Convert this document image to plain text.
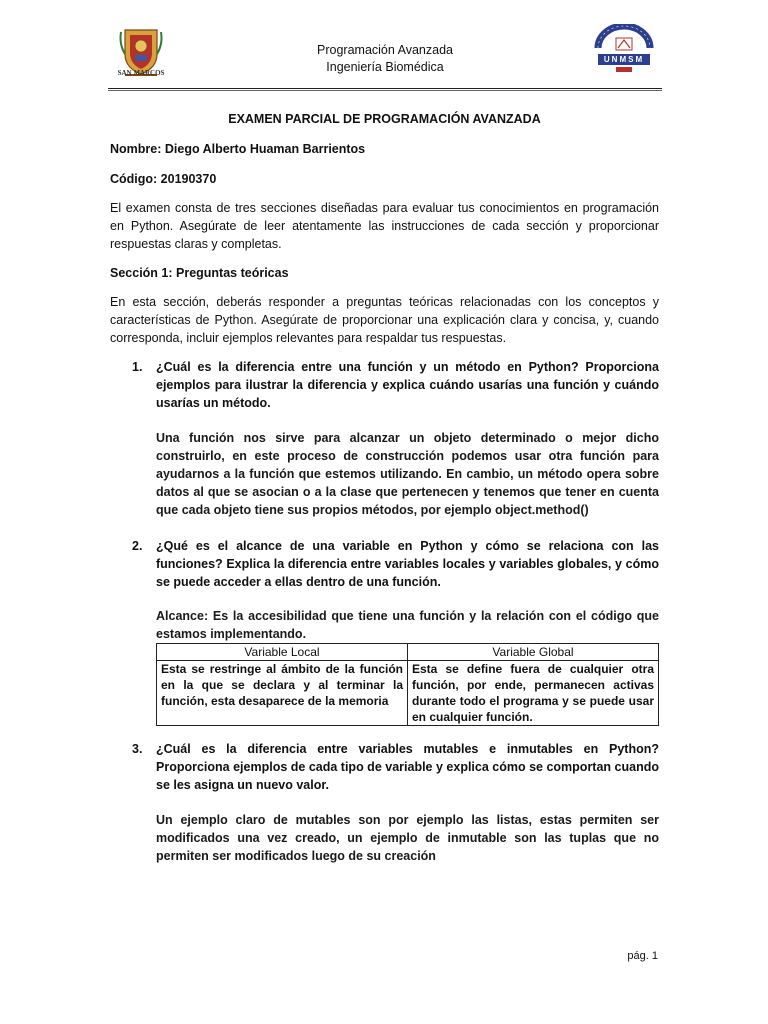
SAN MARCOS
Programación Avanzada
Ingeniería Biomédica
UNMSM

EXAMEN PARCIAL DE PROGRAMACIÓN AVANZADA

Nombre: Diego Alberto Huaman Barrientos

Código: 20190370

El examen consta de tres secciones diseñadas para evaluar tus conocimientos en programación en Python. Asegúrate de leer atentamente las instrucciones de cada sección y proporcionar respuestas claras y completas.

Sección 1: Preguntas teóricas

En esta sección, deberás responder a preguntas teóricas relacionadas con los conceptos y características de Python. Asegúrate de proporcionar una explicación clara y concisa, y, cuando corresponda, incluir ejemplos relevantes para respaldar tus respuestas.

1. ¿Cuál es la diferencia entre una función y un método en Python? Proporciona ejemplos para ilustrar la diferencia y explica cuándo usarías una función y cuándo usarías un método.

Una función nos sirve para alcanzar un objeto determinado o mejor dicho construirlo, en este proceso de construcción podemos usar otra función para ayudarnos a la función que estemos utilizando. En cambio, un método opera sobre datos al que se asocian o a la clase que pertenecen y tenemos que tener en cuenta que cada objeto tiene sus propios métodos, por ejemplo object.method()

2. ¿Qué es el alcance de una variable en Python y cómo se relaciona con las funciones? Explica la diferencia entre variables locales y variables globales, y cómo se puede acceder a ellas dentro de una función.

Alcance: Es la accesibilidad que tiene una función y la relación con el código que estamos implementando.

Variable Local	Variable Global
Esta se restringe al ámbito de la función en la que se declara y al terminar la función, esta desaparece de la memoria	Esta se define fuera de cualquier otra función, por ende, permanecen activas durante todo el programa y se puede usar en cualquier función.
3. ¿Cuál es la diferencia entre variables mutables e inmutables en Python? Proporciona ejemplos de cada tipo de variable y explica cómo se comportan cuando se les asigna un nuevo valor.

Un ejemplo claro de mutables son por ejemplo las listas, estas permiten ser modificados una vez creado, un ejemplo de inmutable son las tuplas que no permiten ser modificados luego de su creación

pág. 1
